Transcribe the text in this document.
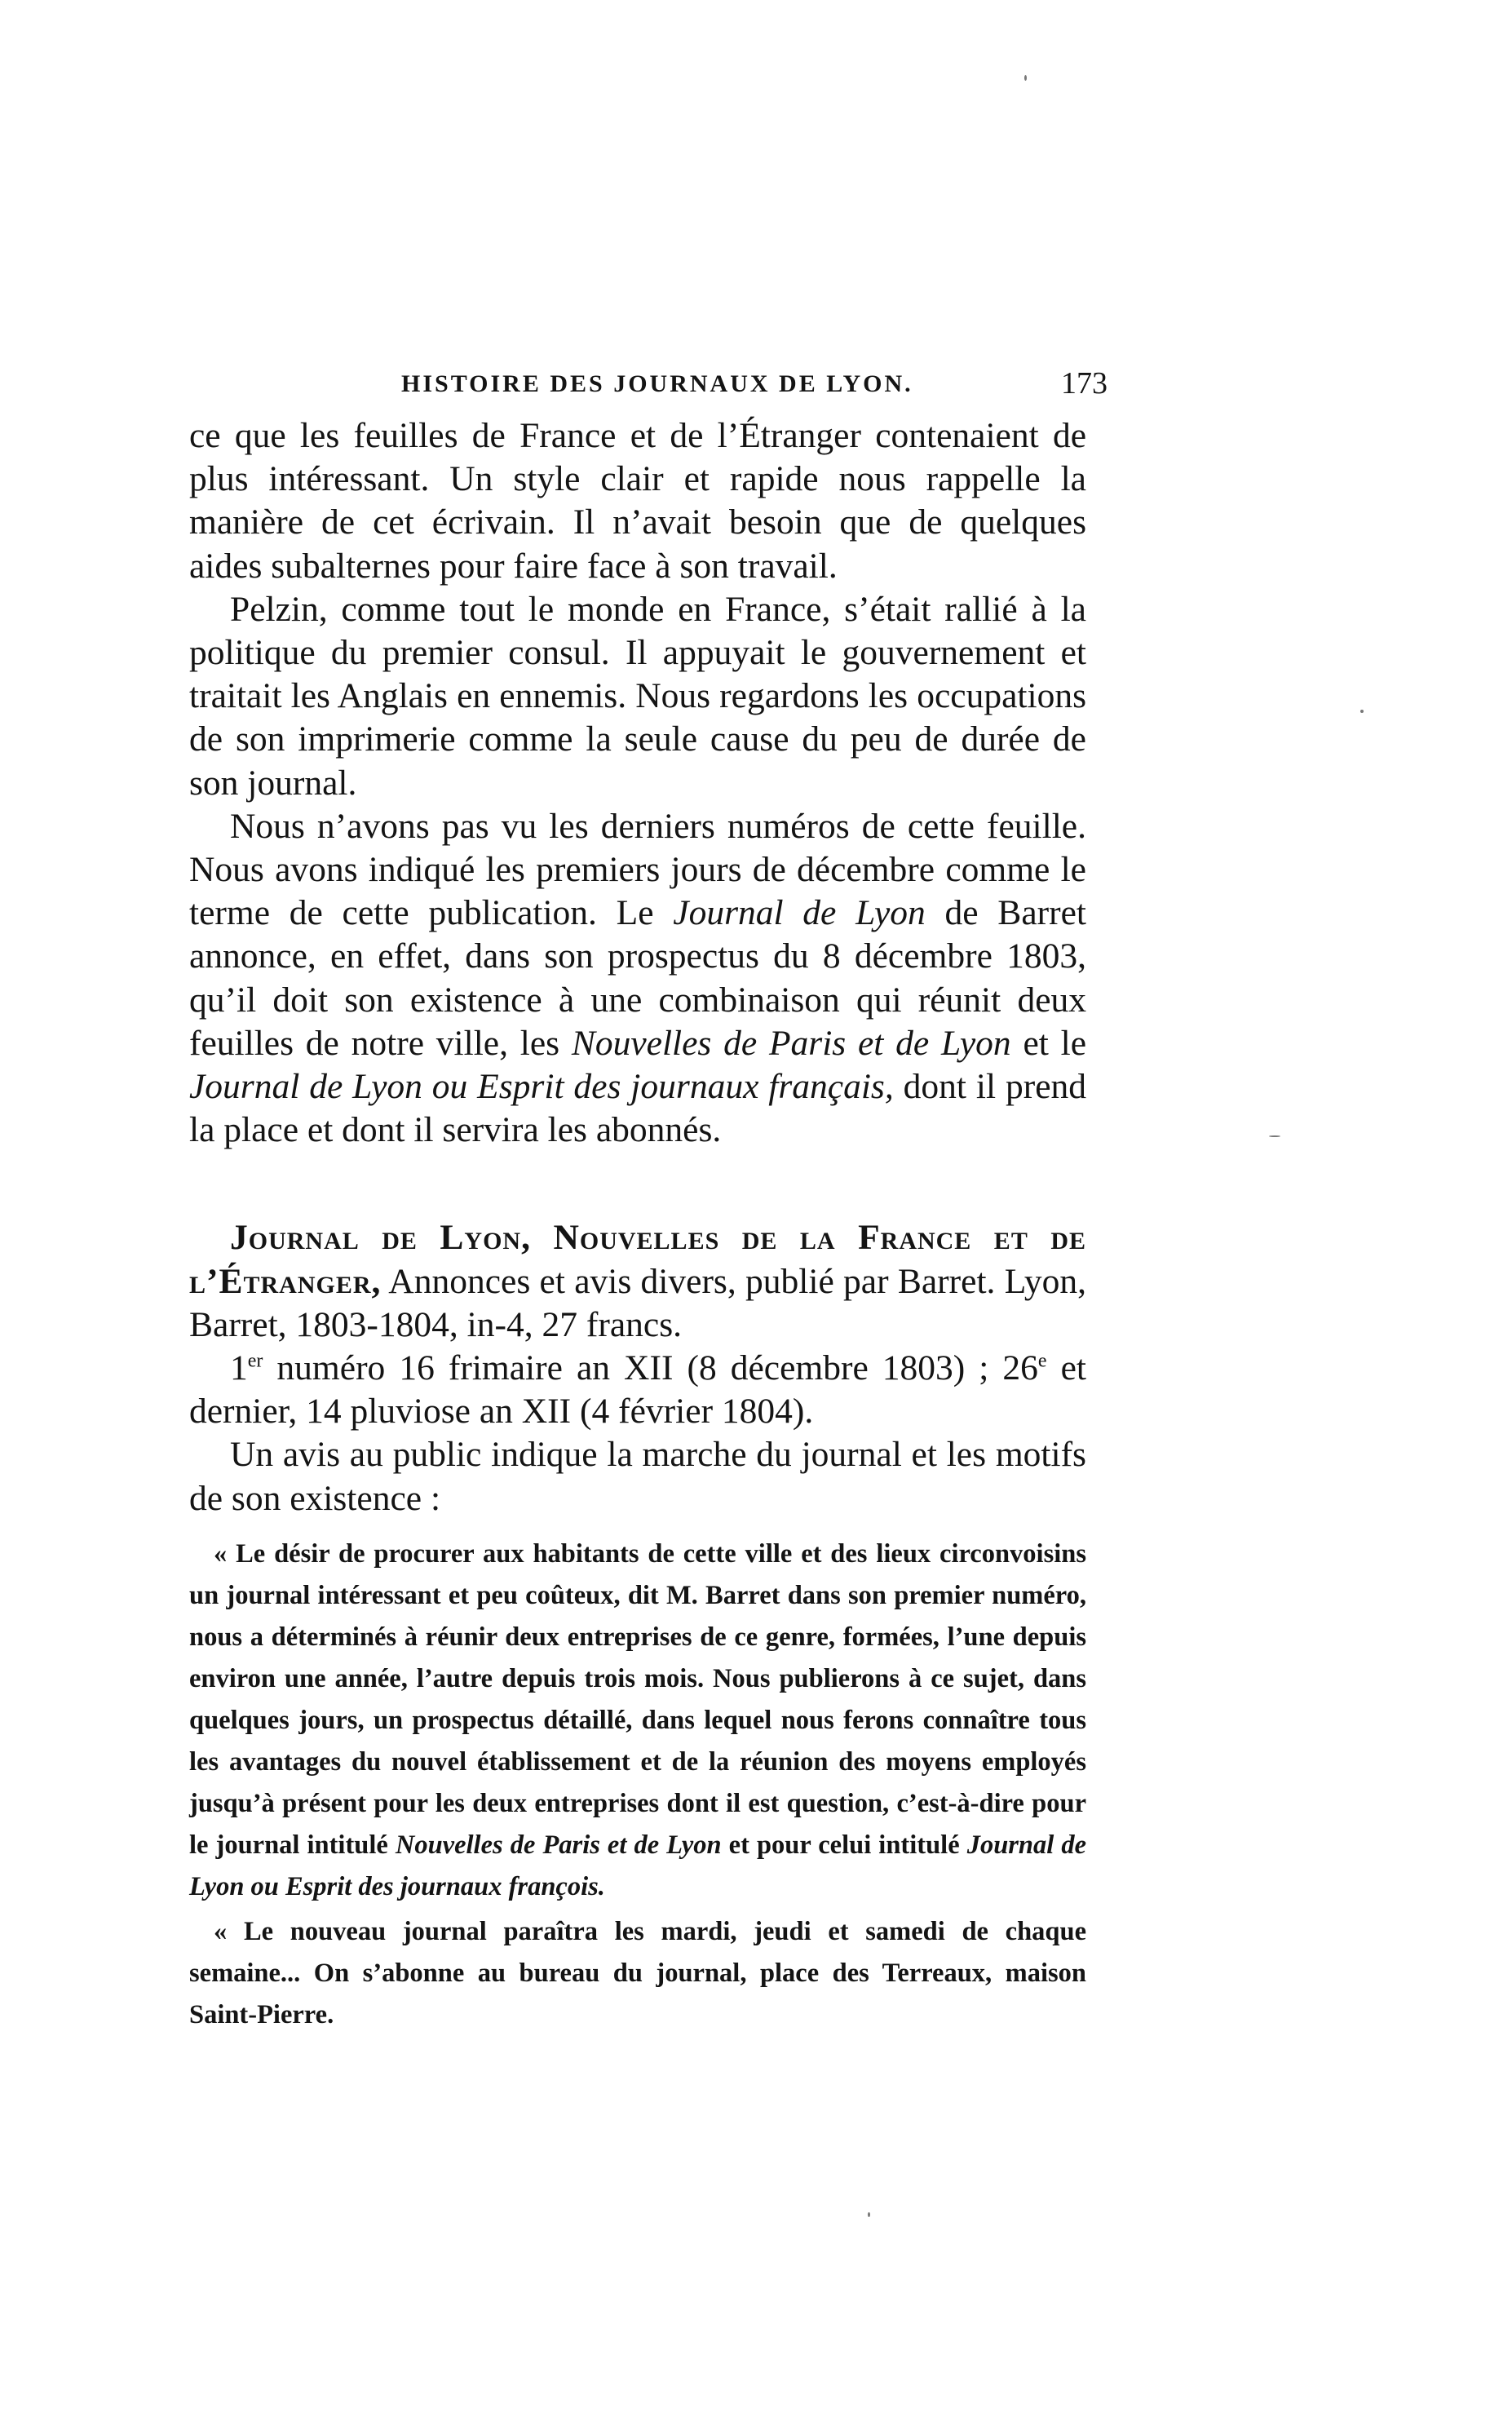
HISTOIRE DES JOURNAUX DE LYON.	173

ce que les feuilles de France et de l’Étranger contenaient de plus intéressant. Un style clair et rapide nous rappelle la manière de cet écrivain. Il n’avait besoin que de quelques aides subalternes pour faire face à son travail.

Pelzin, comme tout le monde en France, s’était rallié à la politique du premier consul. Il appuyait le gouvernement et traitait les Anglais en ennemis. Nous regardons les occupations de son imprimerie comme la seule cause du peu de durée de son journal.

Nous n’avons pas vu les derniers numéros de cette feuille. Nous avons indiqué les premiers jours de décembre comme le terme de cette publication. Le Journal de Lyon de Barret annonce, en effet, dans son prospectus du 8 décembre 1803, qu’il doit son existence à une combinaison qui réunit deux feuilles de notre ville, les Nouvelles de Paris et de Lyon et le Journal de Lyon ou Esprit des journaux français, dont il prend la place et dont il servira les abonnés.

Journal de Lyon, Nouvelles de la France et de l’Étranger, Annonces et avis divers, publié par Barret. Lyon, Barret, 1803-1804, in-4, 27 francs.

1er numéro 16 frimaire an XII (8 décembre 1803) ; 26e et dernier, 14 pluviose an XII (4 février 1804).

Un avis au public indique la marche du journal et les motifs de son existence :

« Le désir de procurer aux habitants de cette ville et des lieux circonvoisins un journal intéressant et peu coûteux, dit M. Barret dans son premier numéro, nous a déterminés à réunir deux entreprises de ce genre, formées, l’une depuis environ une année, l’autre depuis trois mois. Nous publierons à ce sujet, dans quelques jours, un prospectus détaillé, dans lequel nous ferons connaître tous les avantages du nouvel établissement et de la réunion des moyens employés jusqu’à présent pour les deux entreprises dont il est question, c’est-à-dire pour le journal intitulé Nouvelles de Paris et de Lyon et pour celui intitulé Journal de Lyon ou Esprit des journaux françois.

« Le nouveau journal paraîtra les mardi, jeudi et samedi de chaque semaine... On s’abonne au bureau du journal, place des Terreaux, maison Saint-Pierre.
